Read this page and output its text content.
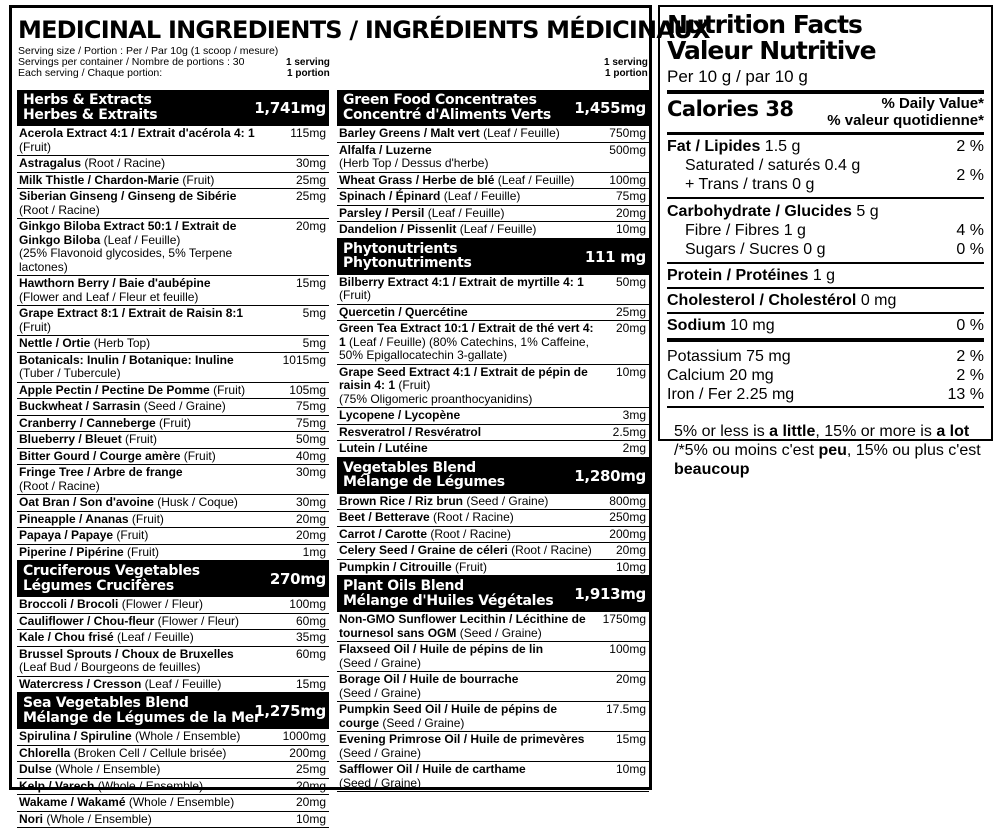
MEDICINAL INGREDIENTS / INGRÉDIENTS MÉDICINAUX
Serving size / Portion : Per / Par 10g (1 scoop / mesure)
Servings per container / Nombre de portions : 30
Each serving / Chaque portion:
1 serving
1 portion
1 serving
1 portion
Herbs & Extracts
Herbes & Extraits	1,741mg
Acerola Extract 4:1 / Extrait d'acérola 4: 1
(Fruit)
115mg
Astragalus (Root / Racine)	30mg
Milk Thistle / Chardon-Marie (Fruit)	25mg
Siberian Ginseng / Ginseng de Sibérie
(Root / Racine)
25mg
Ginkgo Biloba Extract 50:1 / Extrait de Ginkgo Biloba (Leaf / Feuille)
(25% Flavonoid glycosides, 5% Terpene lactones)
20mg
Hawthorn Berry / Baie d'aubépine
(Flower and Leaf / Fleur et feuille)
15mg
Grape Extract 8:1 / Extrait de Raisin 8:1 (Fruit)
5mg
Nettle / Ortie (Herb Top)	5mg
Botanicals: Inulin / Botanique: Inuline
(Tuber / Tubercule)
1015mg
Apple Pectin / Pectine De Pomme (Fruit)	105mg
Buckwheat / Sarrasin (Seed / Graine)	75mg
Cranberry / Canneberge (Fruit)	75mg
Blueberry / Bleuet (Fruit)	50mg
Bitter Gourd / Courge amère (Fruit)	40mg
Fringe Tree / Arbre de frange
(Root / Racine)
30mg
Oat Bran / Son d'avoine (Husk / Coque)	30mg
Pineapple / Ananas (Fruit)	20mg
Papaya / Papaye (Fruit)	20mg
Piperine / Pipérine (Fruit)	1mg
Cruciferous Vegetables
Légumes Crucifères	270mg
Broccoli / Brocoli (Flower / Fleur)	100mg
Cauliflower / Chou-fleur (Flower / Fleur)	60mg
Kale / Chou frisé (Leaf / Feuille)	35mg
Brussel Sprouts / Choux de Bruxelles
(Leaf Bud / Bourgeons de feuilles)
60mg
Watercress / Cresson (Leaf / Feuille)	15mg
Sea Vegetables Blend
Mélange de Légumes de la Mer
1,275mg
Spirulina / Spiruline (Whole / Ensemble)	1000mg
Chlorella (Broken Cell / Cellule brisée)	200mg
Dulse (Whole / Ensemble)	25mg
Kelp / Varech (Whole / Ensemble)	20mg
Wakame / Wakamé (Whole / Ensemble)	20mg
Nori (Whole / Ensemble)	10mg
Green Food Concentrates
Concentré d'Aliments Verts	1,455mg
Barley Greens / Malt vert (Leaf / Feuille)	750mg
Alfalfa / Luzerne
(Herb Top / Dessus d'herbe)
500mg
Wheat Grass / Herbe de blé (Leaf / Feuille)	100mg
Spinach / Épinard (Leaf / Feuille)	75mg
Parsley / Persil (Leaf / Feuille)	20mg
Dandelion / Pissenlit (Leaf / Feuille)	10mg
Phytonutrients
Phytonutriments	111 mg
Bilberry Extract 4:1 / Extrait de myrtille 4: 1 (Fruit)
50mg
Quercetin / Quercétine	25mg
Green Tea Extract 10:1 / Extrait de thé vert 4: 1 (Leaf / Feuille) (80% Catechins, 1% Caffeine, 50% Epigallocatechin 3-gallate)
20mg
Grape Seed Extract 4:1 / Extrait de pépin de raisin 4: 1 (Fruit)
(75% Oligomeric proanthocyanidins)
10mg
Lycopene / Lycopène	3mg
Resveratrol / Resvératrol	2.5mg
Lutein / Lutéine	2mg
Vegetables Blend
Mélange de Légumes	1,280mg
Brown Rice / Riz brun (Seed / Graine)	800mg
Beet / Betterave (Root / Racine)	250mg
Carrot / Carotte (Root / Racine)	200mg
Celery Seed / Graine de céleri (Root / Racine)	20mg
Pumpkin / Citrouille (Fruit)	10mg
Plant Oils Blend
Mélange d'Huiles Végétales	1,913mg
Non-GMO Sunflower Lecithin / Lécithine de tournesol sans OGM (Seed / Graine)
1750mg
Flaxseed Oil / Huile de pépins de lin
(Seed / Graine)
100mg
Borage Oil / Huile de bourrache
(Seed / Graine)
20mg
Pumpkin Seed Oil / Huile de pépins de courge (Seed / Graine)
17.5mg
Evening Primrose Oil / Huile de primevères
(Seed / Graine)
15mg
Safflower Oil / Huile de carthame
(Seed / Graine)
10mg
Nutrition Facts
Valeur Nutritive
Per 10 g / par 10 g
Calories 38	% Daily Value*
% valeur quotidienne*
Fat / Lipides 1.5 g	2 %
Saturated / saturés 0.4 g
+ Trans / trans 0 g
2 %
Carbohydrate / Glucides 5 g
Fibre / Fibres 1 g	4 %
Sugars / Sucres 0 g	0 %
Protein / Protéines 1 g
Cholesterol / Cholestérol 0 mg
Sodium 10 mg	0 %
Potassium 75 mg	2 %
Calcium 20 mg	2 %
Iron / Fer 2.25 mg	13 %
5% or less is a little, 15% or more is a lot /*5% ou moins c'est peu, 15% ou plus c'est beaucoup
